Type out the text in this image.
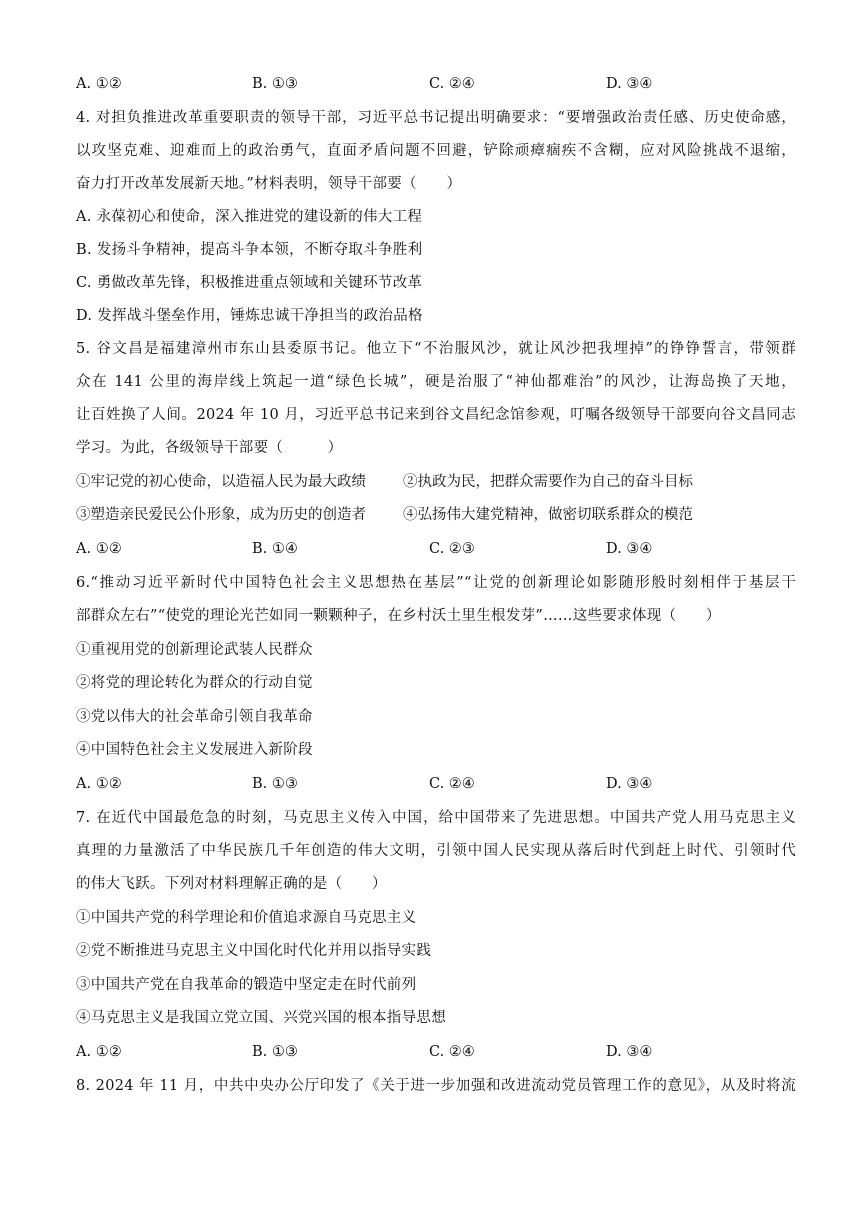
A. ①②	B. ①③	C. ②④	D. ③④
4. 对担负推进改革重要职责的领导干部，习近平总书记提出明确要求：“要增强政治责任感、历史使命感，
以攻坚克难、迎难而上的政治勇气，直面矛盾问题不回避，铲除顽瘴痼疾不含糊，应对风险挑战不退缩，
奋力打开改革发展新天地。”材料表明，领导干部要（　　）
A. 永葆初心和使命，深入推进党的建设新的伟大工程
B. 发扬斗争精神，提高斗争本领，不断夺取斗争胜利
C. 勇做改革先锋，积极推进重点领域和关键环节改革
D. 发挥战斗堡垒作用，锤炼忠诚干净担当的政治品格
5. 谷文昌是福建漳州市东山县委原书记。他立下“不治服风沙，就让风沙把我埋掉”的铮铮誓言，带领群
众在 141 公里的海岸线上筑起一道“绿色长城”，硬是治服了“神仙都难治”的风沙，让海岛换了天地，
让百姓换了人间。2024 年 10 月，习近平总书记来到谷文昌纪念馆参观，叮嘱各级领导干部要向谷文昌同志
学习。为此，各级领导干部要（　　　）
①牢记党的初心使命，以造福人民为最大政绩	②执政为民，把群众需要作为自己的奋斗目标
③塑造亲民爱民公仆形象，成为历史的创造者	④弘扬伟大建党精神，做密切联系群众的模范
A. ①②	B. ①④	C. ②③	D. ③④
6.“推动习近平新时代中国特色社会主义思想热在基层”“让党的创新理论如影随形般时刻相伴于基层干
部群众左右”“使党的理论光芒如同一颗颗种子，在乡村沃土里生根发芽”……这些要求体现（　　）
①重视用党的创新理论武装人民群众
②将党的理论转化为群众的行动自觉
③党以伟大的社会革命引领自我革命
④中国特色社会主义发展进入新阶段
A. ①②	B. ①③	C. ②④	D. ③④
7. 在近代中国最危急的时刻，马克思主义传入中国，给中国带来了先进思想。中国共产党人用马克思主义
真理的力量激活了中华民族几千年创造的伟大文明，引领中国人民实现从落后时代到赶上时代、引领时代
的伟大飞跃。下列对材料理解正确的是（　　）
①中国共产党的科学理论和价值追求源自马克思主义
②党不断推进马克思主义中国化时代化并用以指导实践
③中国共产党在自我革命的锻造中坚定走在时代前列
④马克思主义是我国立党立国、兴党兴国的根本指导思想
A. ①②	B. ①③	C. ②④	D. ③④
8. 2024 年 11 月，中共中央办公厅印发了《关于进一步加强和改进流动党员管理工作的意见》，从及时将流
